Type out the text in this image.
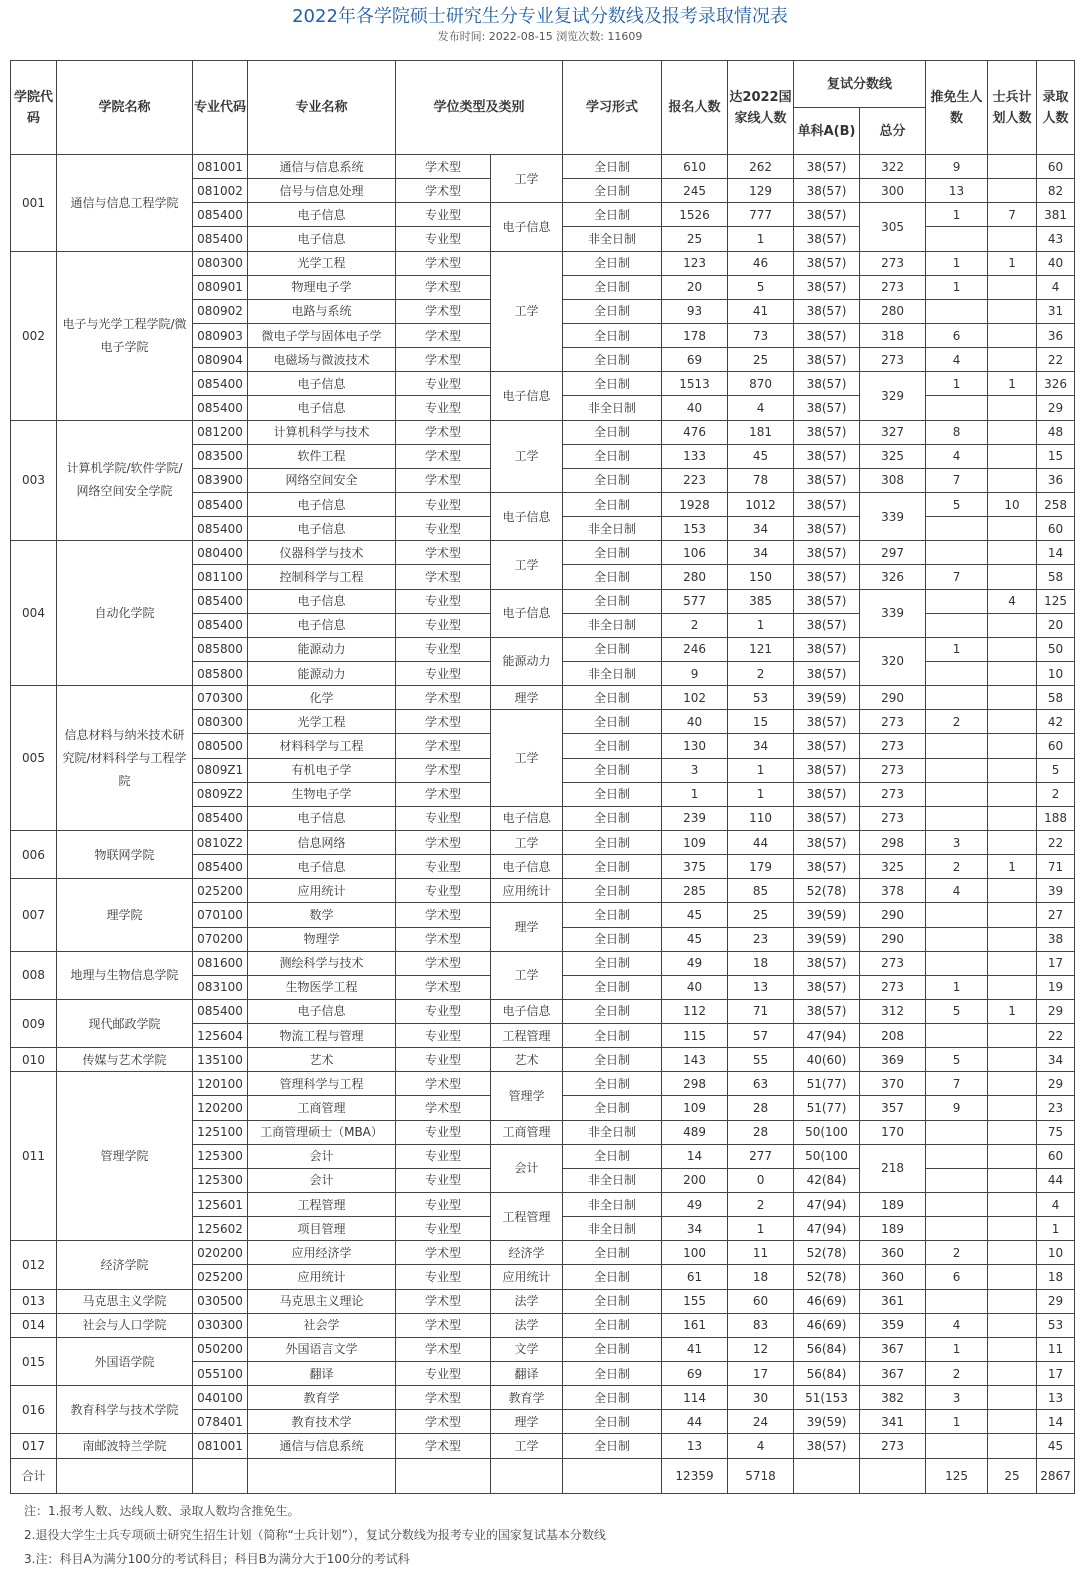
2022年各学院硕士研究生分专业复试分数线及报考录取情况表
发布时间: 2022-08-15 浏览次数: 11609
学院代码	学院名称	专业代码	专业名称	学位类型及类别		学习形式	报名人数	达2022国家线人数	复试分数线		推免生人数	士兵计划人数	录取人数
									单科A(B)	总分			
001	通信与信息工程学院	081001	通信与信息系统	学术型	工学	全日制	610	262	38(57)	322	9		60
		081002	信号与信息处理	学术型		全日制	245	129	38(57)	300	13		82
		085400	电子信息	专业型	电子信息	全日制	1526	777	38(57)	305	1	7	381
		085400	电子信息	专业型		非全日制	25	1	38(57)				43
002	电子与光学工程学院/微电子学院	080300	光学工程	学术型	工学	全日制	123	46	38(57)	273	1	1	40
		080901	物理电子学	学术型		全日制	20	5	38(57)	273	1		4
		080902	电路与系统	学术型		全日制	93	41	38(57)	280			31
		080903	微电子学与固体电子学	学术型		全日制	178	73	38(57)	318	6		36
		080904	电磁场与微波技术	学术型		全日制	69	25	38(57)	273	4		22
		085400	电子信息	专业型	电子信息	全日制	1513	870	38(57)	329	1	1	326
		085400	电子信息	专业型		非全日制	40	4	38(57)				29
003	计算机学院/软件学院/网络空间安全学院	081200	计算机科学与技术	学术型	工学	全日制	476	181	38(57)	327	8		48
		083500	软件工程	学术型		全日制	133	45	38(57)	325	4		15
		083900	网络空间安全	学术型		全日制	223	78	38(57)	308	7		36
		085400	电子信息	专业型	电子信息	全日制	1928	1012	38(57)	339	5	10	258
		085400	电子信息	专业型		非全日制	153	34	38(57)				60
004	自动化学院	080400	仪器科学与技术	学术型	工学	全日制	106	34	38(57)	297			14
		081100	控制科学与工程	学术型		全日制	280	150	38(57)	326	7		58
		085400	电子信息	专业型	电子信息	全日制	577	385	38(57)	339		4	125
		085400	电子信息	专业型		非全日制	2	1	38(57)				20
		085800	能源动力	专业型	能源动力	全日制	246	121	38(57)	320	1		50
		085800	能源动力	专业型		非全日制	9	2	38(57)				10
005	信息材料与纳米技术研究院/材料科学与工程学院	070300	化学	学术型	理学	全日制	102	53	39(59)	290			58
		080300	光学工程	学术型	工学	全日制	40	15	38(57)	273	2		42
		080500	材料科学与工程	学术型		全日制	130	34	38(57)	273			60
		0809Z1	有机电子学	学术型		全日制	3	1	38(57)	273			5
		0809Z2	生物电子学	学术型		全日制	1	1	38(57)	273			2
		085400	电子信息	专业型	电子信息	全日制	239	110	38(57)	273			188
006	物联网学院	0810Z2	信息网络	学术型	工学	全日制	109	44	38(57)	298	3		22
		085400	电子信息	专业型	电子信息	全日制	375	179	38(57)	325	2	1	71
007	理学院	025200	应用统计	专业型	应用统计	全日制	285	85	52(78)	378	4		39
		070100	数学	学术型	理学	全日制	45	25	39(59)	290			27
		070200	物理学	学术型		全日制	45	23	39(59)	290			38
008	地理与生物信息学院	081600	测绘科学与技术	学术型	工学	全日制	49	18	38(57)	273			17
		083100	生物医学工程	学术型		全日制	40	13	38(57)	273	1		19
009	现代邮政学院	085400	电子信息	专业型	电子信息	全日制	112	71	38(57)	312	5	1	29
		125604	物流工程与管理	专业型	工程管理	全日制	115	57	47(94)	208			22
010	传媒与艺术学院	135100	艺术	专业型	艺术	全日制	143	55	40(60)	369	5		34
011	管理学院	120100	管理科学与工程	学术型	管理学	全日制	298	63	51(77)	370	7		29
		120200	工商管理	学术型		全日制	109	28	51(77)	357	9		23
		125100	工商管理硕士（MBA）	专业型	工商管理	非全日制	489	28	50(100	170			75
		125300	会计	专业型	会计	全日制	14	277	50(100	218			60
		125300	会计	专业型		非全日制	200	0	42(84)				44
		125601	工程管理	专业型	工程管理	非全日制	49	2	47(94)	189			4
		125602	项目管理	专业型		非全日制	34	1	47(94)	189			1
012	经济学院	020200	应用经济学	学术型	经济学	全日制	100	11	52(78)	360	2		10
		025200	应用统计	专业型	应用统计	全日制	61	18	52(78)	360	6		18
013	马克思主义学院	030500	马克思主义理论	学术型	法学	全日制	155	60	46(69)	361			29
014	社会与人口学院	030300	社会学	学术型	法学	全日制	161	83	46(69)	359	4		53
015	外国语学院	050200	外国语言文学	学术型	文学	全日制	41	12	56(84)	367	1		11
		055100	翻译	专业型	翻译	全日制	69	17	56(84)	367	2		17
016	教育科学与技术学院	040100	教育学	学术型	教育学	全日制	114	30	51(153	382	3		13
		078401	教育技术学	学术型	理学	全日制	44	24	39(59)	341	1		14
017	南邮波特兰学院	081001	通信与信息系统	学术型	工学	全日制	13	4	38(57)	273			45
合计							12359	5718			125	25	2867
注：1.报考人数、达线人数、录取人数均含推免生。
2.退役大学生士兵专项硕士研究生招生计划（简称“士兵计划”），复试分数线为报考专业的国家复试基本分数线
3.注：科目A为满分100分的考试科目；科目B为满分大于100分的考试科
